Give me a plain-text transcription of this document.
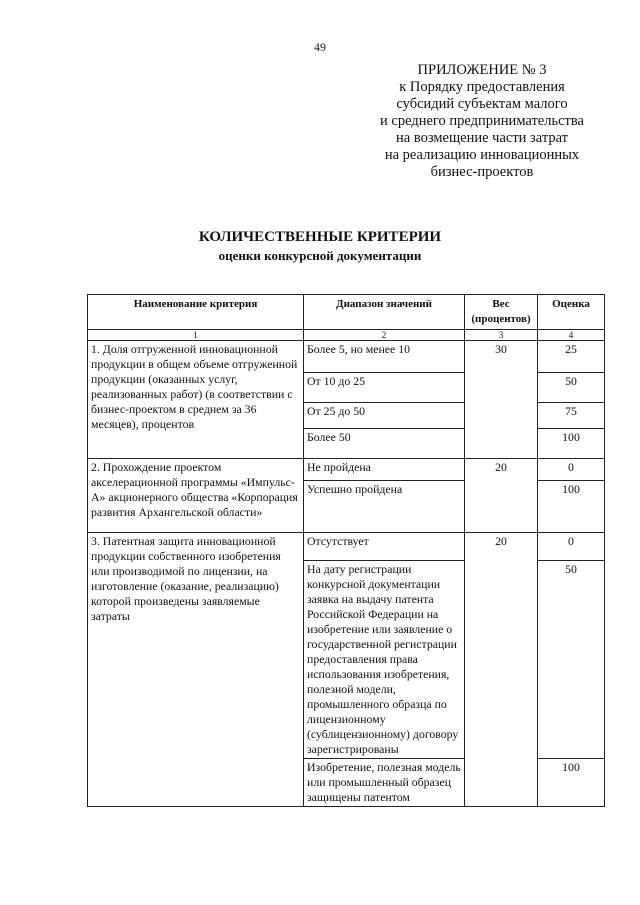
49
ПРИЛОЖЕНИЕ № 3
к Порядку предоставления
субсидий субъектам малого
и среднего предпринимательства
на возмещение части затрат
на реализацию инновационных
бизнес-проектов
КОЛИЧЕСТВЕННЫЕ КРИТЕРИИ
оценки конкурсной документации
Наименование критерия	Диапазон значений	Вес (процентов)	Оценка
1	2	3	4
1. Доля отгруженной инновационной продукции в общем объеме отгруженной продукции (оказанных услуг, реализованных работ) (в соответствии с бизнес-проектом в среднем за 36 месяцев), процентов	Более 5, но менее 10	30	25
	От 10 до 25		50
	От 25 до 50		75
	Более 50		100
2. Прохождение проектом акселерационной программы «Импульс-А» акционерного общества «Корпорация развития Архангельской области»	Не пройдена	20	0
	Успешно пройдена		100
3. Патентная защита инновационной продукции собственного изобретения или производимой по лицензии, на изготовление (оказание, реализацию) которой произведены заявляемые затраты	Отсутствует	20	0
	На дату регистрации конкурсной документации заявка на выдачу патента Российской Федерации на изобретение или заявление о государственной регистрации предоставления права использования изобретения, полезной модели, промышленного образца по лицензионному (сублицензионному) договору зарегистрированы		50
	Изобретение, полезная модель или промышленный образец защищены патентом		100
